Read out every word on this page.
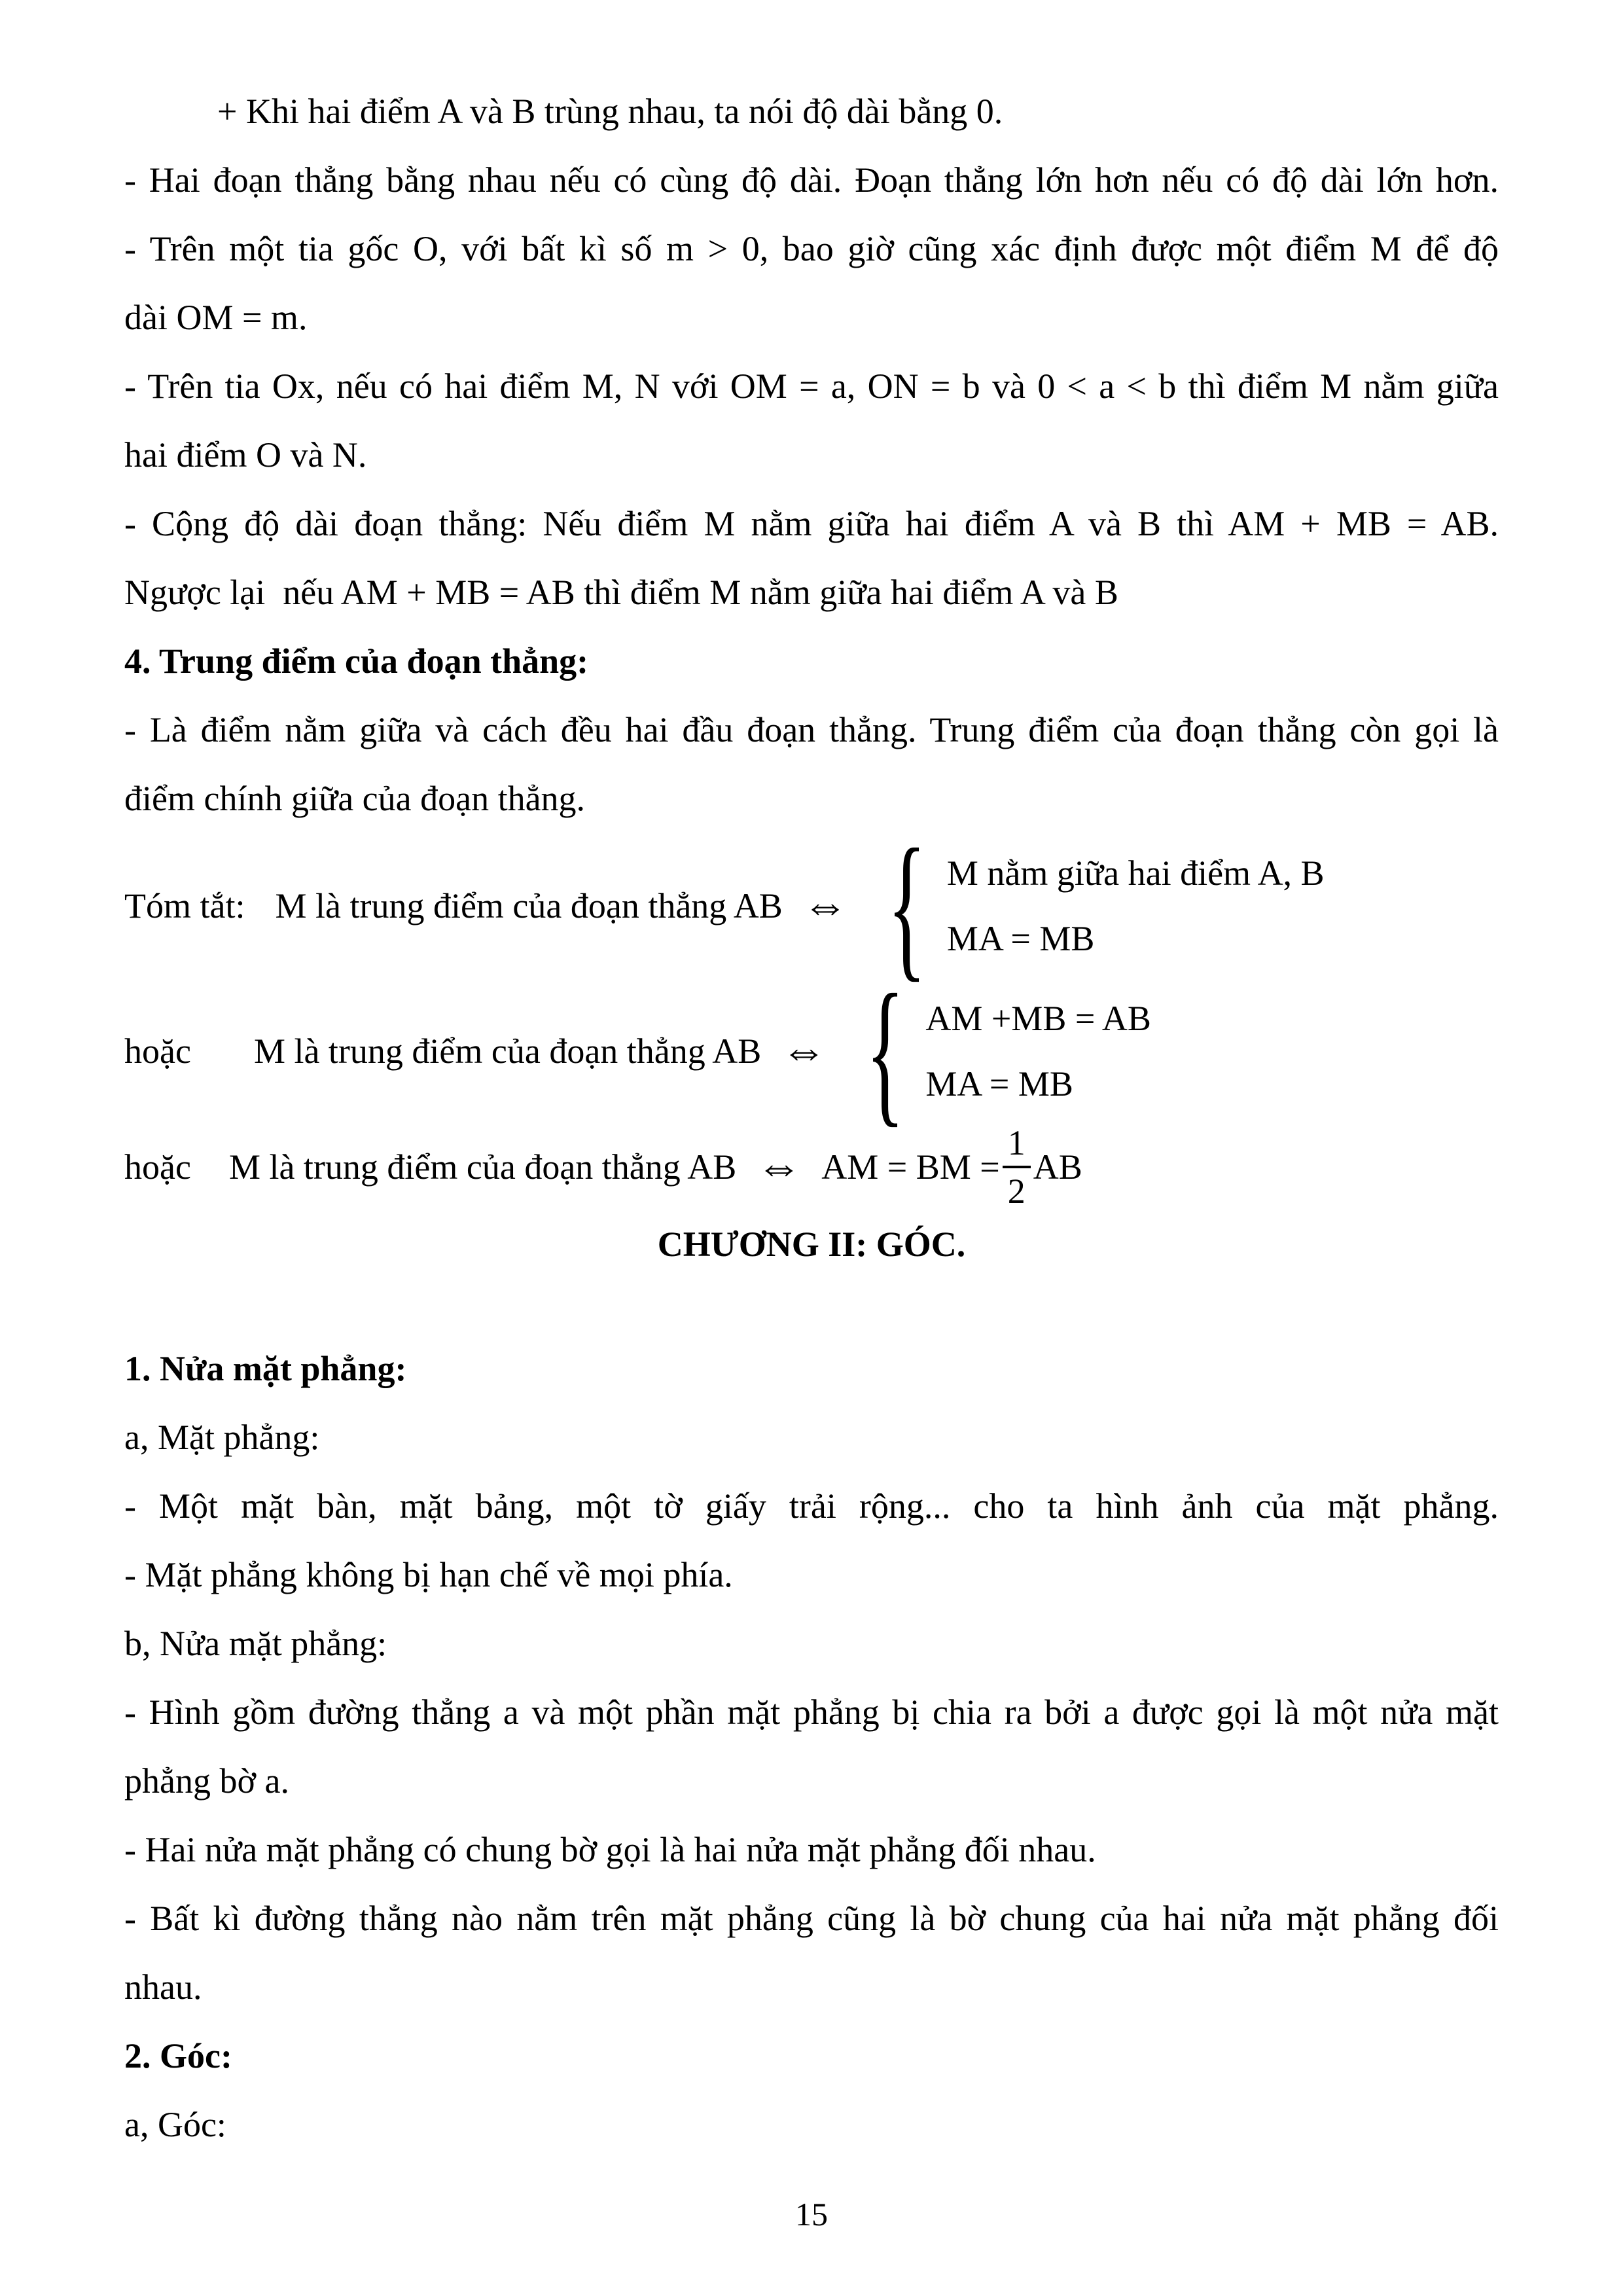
+ Khi hai điểm A và B trùng nhau, ta nói độ dài bằng 0.
- Hai đoạn thẳng bằng nhau nếu có cùng độ dài. Đoạn thẳng lớn hơn nếu có độ dài lớn hơn.
- Trên một tia gốc O, với bất kì số m > 0, bao giờ cũng xác định được một điểm M để độ
dài OM = m.
- Trên tia Ox, nếu có hai điểm M, N với OM = a, ON = b và 0 < a < b thì điểm M nằm giữa
hai điểm O và N.
- Cộng độ dài đoạn thẳng: Nếu điểm M nằm giữa hai điểm A và B thì AM + MB = AB.
Ngược lại  nếu AM + MB = AB thì điểm M nằm giữa hai điểm A và B
4. Trung điểm của đoạn thẳng:
- Là điểm nằm giữa và cách đều hai đầu đoạn thẳng. Trung điểm của đoạn thẳng còn gọi là
điểm chính giữa của đoạn thẳng.
Tóm tắt: M là trung điểm của đoạn thẳng AB ⇔ { M nằm giữa hai điểm A, B
MA = MB
hoặc M là trung điểm của đoạn thẳng AB ⇔ { AM +MB = AB
MA = MB
hoặc M là trung điểm của đoạn thẳng AB ⇔ AM = BM = $\frac{1}{2}$ AB
CHƯƠNG II: GÓC.
1. Nửa mặt phẳng:
a, Mặt phẳng:
- Một mặt bàn, mặt bảng, một tờ giấy trải rộng... cho ta hình ảnh của mặt phẳng.
- Mặt phẳng không bị hạn chế về mọi phía.
b, Nửa mặt phẳng:
- Hình gồm đường thẳng a và một phần mặt phẳng bị chia ra bởi a được gọi là một nửa mặt
phẳng bờ a.
- Hai nửa mặt phẳng có chung bờ gọi là hai nửa mặt phẳng đối nhau.
- Bất kì đường thẳng nào nằm trên mặt phẳng cũng là bờ chung của hai nửa mặt phẳng đối
nhau.
2. Góc:
a, Góc:
15
